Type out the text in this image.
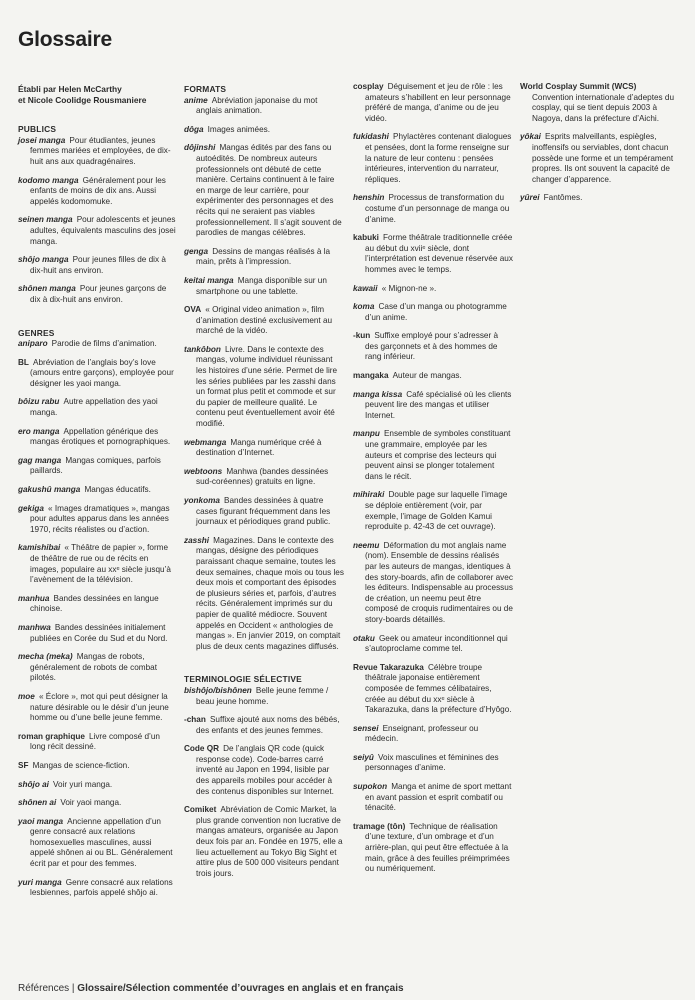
Glossaire
Établi par Helen McCarthy
et Nicole Coolidge Rousmaniere
PUBLICS
josei manga  Pour étudiantes, jeunes femmes mariées et employées, de dix-huit ans aux quadragénaires.
kodomo manga  Généralement pour les enfants de moins de dix ans. Aussi appelés kodomomuke.
seinen manga  Pour adolescents et jeunes adultes, équivalents masculins des josei manga.
shôjo manga  Pour jeunes filles de dix à dix-huit ans environ.
shônen manga  Pour jeunes garçons de dix à dix-huit ans environ.
GENRES
aniparo  Parodie de films d’animation.
BL  Abréviation de l’anglais boy’s love (amours entre garçons), employée pour désigner les yaoi manga.
bôizu rabu  Autre appellation des yaoi manga.
ero manga  Appellation générique des mangas érotiques et pornographiques.
gag manga  Mangas comiques, parfois paillards.
gakushû manga  Mangas éducatifs.
gekiga  « Images dramatiques », mangas pour adultes apparus dans les années 1970, récits réalistes ou d’action.
kamishibai  « Théâtre de papier », forme de théâtre de rue ou de récits en images, populaire au xxᵉ siècle jusqu’à l’avènement de la télévision.
manhua  Bandes dessinées en langue chinoise.
manhwa  Bandes dessinées initialement publiées en Corée du Sud et du Nord.
mecha (meka)  Mangas de robots, généralement de robots de combat pilotés.
moe  « Éclore », mot qui peut désigner la nature désirable ou le désir d’un jeune homme ou d’une belle jeune femme.
roman graphique  Livre composé d’un long récit dessiné.
SF  Mangas de science-fiction.
shôjo ai  Voir yuri manga.
shônen ai  Voir yaoi manga.
yaoi manga  Ancienne appellation d’un genre consacré aux relations homosexuelles masculines, aussi appelé shônen ai ou BL. Généralement écrit par et pour des femmes.
yuri manga  Genre consacré aux relations lesbiennes, parfois appelé shôjo ai.
FORMATS
anime  Abréviation japonaise du mot anglais animation.
dôga  Images animées.
dôjinshi  Mangas édités par des fans ou autoédités. De nombreux auteurs professionnels ont débuté de cette manière. Certains continuent à le faire en marge de leur carrière, pour expérimenter des personnages et des récits qui ne seraient pas viables professionnellement. Il s’agit souvent de parodies de mangas célèbres.
genga  Dessins de mangas réalisés à la main, prêts à l’impression.
keitai manga  Manga disponible sur un smartphone ou une tablette.
OVA  « Original video animation », film d’animation destiné exclusivement au marché de la vidéo.
tankôbon  Livre. Dans le contexte des mangas, volume individuel réunissant les histoires d’une série. Permet de lire les séries publiées par les zasshi dans un format plus petit et commode et sur du papier de meilleure qualité. Le contenu peut éventuellement avoir été modifié.
webmanga  Manga numérique créé à destination d’Internet.
webtoons  Manhwa (bandes dessinées sud-coréennes) gratuits en ligne.
yonkoma  Bandes dessinées à quatre cases figurant fréquemment dans les journaux et périodiques grand public.
zasshi  Magazines. Dans le contexte des mangas, désigne des périodiques paraissant chaque semaine, toutes les deux semaines, chaque mois ou tous les deux mois et comportant des épisodes de plusieurs séries et, parfois, d’autres récits. Généralement imprimés sur du papier de qualité médiocre. Souvent appelés en Occident « anthologies de mangas ». En janvier 2019, on comptait plus de deux cents magazines diffusés.
TERMINOLOGIE SÉLECTIVE
bishôjo/bishônen  Belle jeune femme / beau jeune homme.
-chan  Suffixe ajouté aux noms des bébés, des enfants et des jeunes femmes.
Code QR  De l’anglais QR code (quick response code). Code-barres carré inventé au Japon en 1994, lisible par des appareils mobiles pour accéder à des contenus disponibles sur Internet.
Comiket  Abréviation de Comic Market, la plus grande convention non lucrative de mangas amateurs, organisée au Japon deux fois par an. Fondée en 1975, elle a lieu actuellement au Tokyo Big Sight et attire plus de 500 000 visiteurs pendant trois jours.
cosplay  Déguisement et jeu de rôle : les amateurs s’habillent en leur personnage préféré de manga, d’anime ou de jeu vidéo.
fukidashi  Phylactères contenant dialogues et pensées, dont la forme renseigne sur la nature de leur contenu : pensées intérieures, intervention du narrateur, répliques.
henshin  Processus de transformation du costume d’un personnage de manga ou d’anime.
kabuki  Forme théâtrale traditionnelle créée au début du xviiᵉ siècle, dont l’interprétation est devenue réservée aux hommes avec le temps.
kawaii  « Mignon-ne ».
koma  Case d’un manga ou photogramme d’un anime.
-kun  Suffixe employé pour s’adresser à des garçonnets et à des hommes de rang inférieur.
mangaka  Auteur de mangas.
manga kissa  Café spécialisé où les clients peuvent lire des mangas et utiliser Internet.
manpu  Ensemble de symboles constituant une grammaire, employée par les auteurs et comprise des lecteurs qui peuvent ainsi se plonger totalement dans le récit.
mihiraki  Double page sur laquelle l’image se déploie entièrement (voir, par exemple, l’image de Golden Kamui reproduite p. 42-43 de cet ouvrage).
neemu  Déformation du mot anglais name (nom). Ensemble de dessins réalisés par les auteurs de mangas, identiques à des story-boards, afin de collaborer avec les éditeurs. Indispensable au processus de création, un neemu peut être composé de croquis rudimentaires ou de story-boards détaillés.
otaku  Geek ou amateur inconditionnel qui s’autoproclame comme tel.
Revue Takarazuka  Célèbre troupe théâtrale japonaise entièrement composée de femmes célibataires, créée au début du xxᵉ siècle à Takarazuka, dans la préfecture d’Hyôgo.
sensei  Enseignant, professeur ou médecin.
seiyû  Voix masculines et féminines des personnages d’anime.
supokon  Manga et anime de sport mettant en avant passion et esprit combatif ou ténacité.
tramage (tôn)  Technique de réalisation d’une texture, d’un ombrage et d’un arrière-plan, qui peut être effectuée à la main, grâce à des feuilles préimprimées ou numériquement.
World Cosplay Summit (WCS) Convention internationale d’adeptes du cosplay, qui se tient depuis 2003 à Nagoya, dans la préfecture d’Aichi.
yôkai  Esprits malveillants, espiègles, inoffensifs ou serviables, dont chacun possède une forme et un tempérament propres. Ils ont souvent la capacité de changer d’apparence.
yûrei  Fantômes.
Références | Glossaire/Sélection commentée d’ouvrages en anglais et en français
